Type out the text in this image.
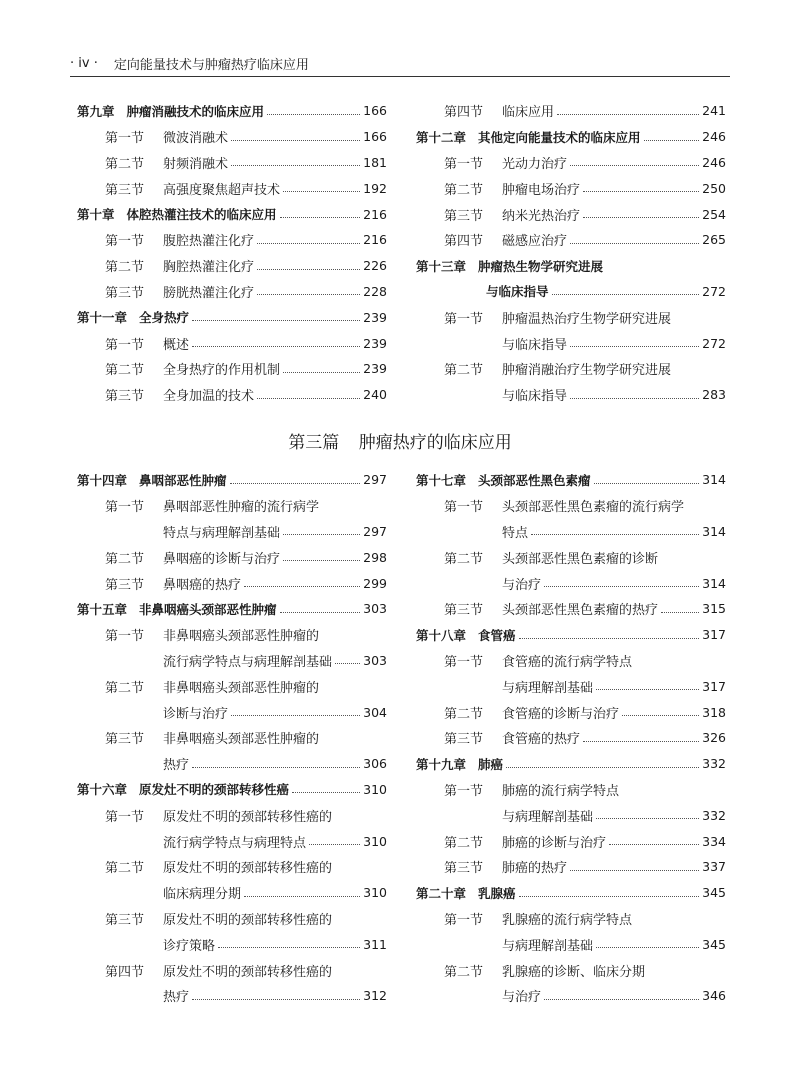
· iv · 定向能量技术与肿瘤热疗临床应用
第九章 肿瘤消融技术的临床应用	166
第一节	微波消融术	166
第二节	射频消融术	181
第三节	高强度聚焦超声技术	192
第十章 体腔热灌注技术的临床应用	216
第一节	腹腔热灌注化疗	216
第二节	胸腔热灌注化疗	226
第三节	膀胱热灌注化疗	228
第十一章 全身热疗	239
第一节	概述	239
第二节	全身热疗的作用机制	239
第三节	全身加温的技术	240
第四节	临床应用	241
第十二章 其他定向能量技术的临床应用	246
第一节	光动力治疗	246
第二节	肿瘤电场治疗	250
第三节	纳米光热治疗	254
第四节	磁感应治疗	265
第十三章 肿瘤热生物学研究进展
与临床指导	272
第一节	肿瘤温热治疗生物学研究进展
与临床指导	272
第二节	肿瘤消融治疗生物学研究进展
与临床指导	283
第三篇 肿瘤热疗的临床应用
第十四章 鼻咽部恶性肿瘤	297
第一节	鼻咽部恶性肿瘤的流行病学
特点与病理解剖基础	297
第二节	鼻咽癌的诊断与治疗	298
第三节	鼻咽癌的热疗	299
第十五章 非鼻咽癌头颈部恶性肿瘤	303
第一节	非鼻咽癌头颈部恶性肿瘤的
流行病学特点与病理解剖基础 303
第二节	非鼻咽癌头颈部恶性肿瘤的
诊断与治疗	304
第三节	非鼻咽癌头颈部恶性肿瘤的
热疗	306
第十六章 原发灶不明的颈部转移性癌	310
第一节	原发灶不明的颈部转移性癌的
流行病学特点与病理特点	310
第二节	原发灶不明的颈部转移性癌的
临床病理分期	310
第三节	原发灶不明的颈部转移性癌的
诊疗策略	311
第四节	原发灶不明的颈部转移性癌的
热疗	312
第十七章 头颈部恶性黑色素瘤	314
第一节	头颈部恶性黑色素瘤的流行病学
特点	314
第二节	头颈部恶性黑色素瘤的诊断
与治疗	314
第三节	头颈部恶性黑色素瘤的热疗	315
第十八章 食管癌	317
第一节	食管癌的流行病学特点
与病理解剖基础	317
第二节	食管癌的诊断与治疗	318
第三节	食管癌的热疗	326
第十九章 肺癌	332
第一节	肺癌的流行病学特点
与病理解剖基础	332
第二节	肺癌的诊断与治疗	334
第三节	肺癌的热疗	337
第二十章 乳腺癌	345
第一节	乳腺癌的流行病学特点
与病理解剖基础	345
第二节	乳腺癌的诊断、临床分期
与治疗	346
